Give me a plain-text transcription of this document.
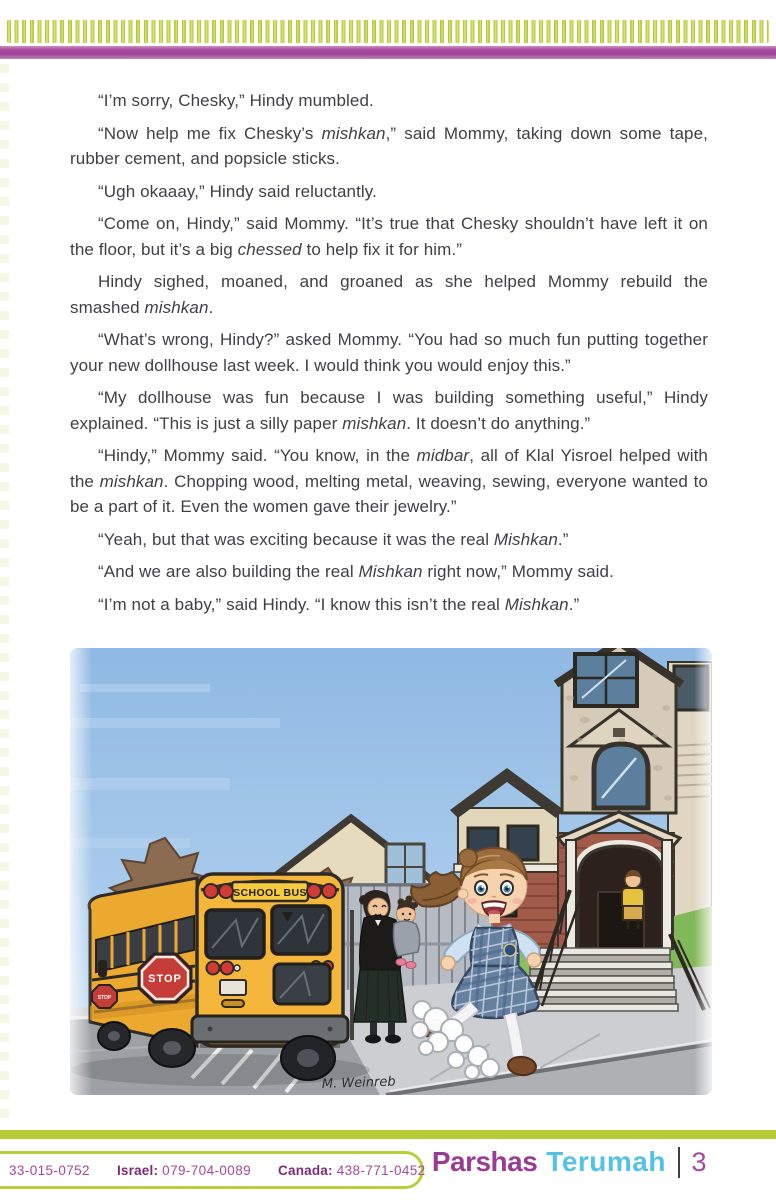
“I’m sorry, Chesky,” Hindy mumbled.

“Now help me fix Chesky’s mishkan,” said Mommy, taking down some tape, rubber cement, and popsicle sticks.

“Ugh okaaay,” Hindy said reluctantly.

“Come on, Hindy,” said Mommy. “It’s true that Chesky shouldn’t have left it on the floor, but it’s a big chessed to help fix it for him.”

Hindy sighed, moaned, and groaned as she helped Mommy rebuild the smashed mishkan.

“What’s wrong, Hindy?” asked Mommy. “You had so much fun putting together your new dollhouse last week. I would think you would enjoy this.”

“My dollhouse was fun because I was building something useful,” Hindy explained. “This is just a silly paper mishkan. It doesn’t do anything.”

“Hindy,” Mommy said. “You know, in the midbar, all of Klal Yisroel helped with the mishkan. Chopping wood, melting metal, weaving, sewing, everyone wanted to be a part of it. Even the women gave their jewelry.”

“Yeah, but that was exciting because it was the real Mishkan.”

“And we are also building the real Mishkan right now,” Mommy said.

“I’m not a baby,” said Hindy. “I know this isn’t the real Mishkan.”

SCHOOL BUS
STOP
STOP
M. Weinreb
33-015-0752 Israel: 079-704-0089 Canada: 438-771-0452 Parshas Terumah 3
